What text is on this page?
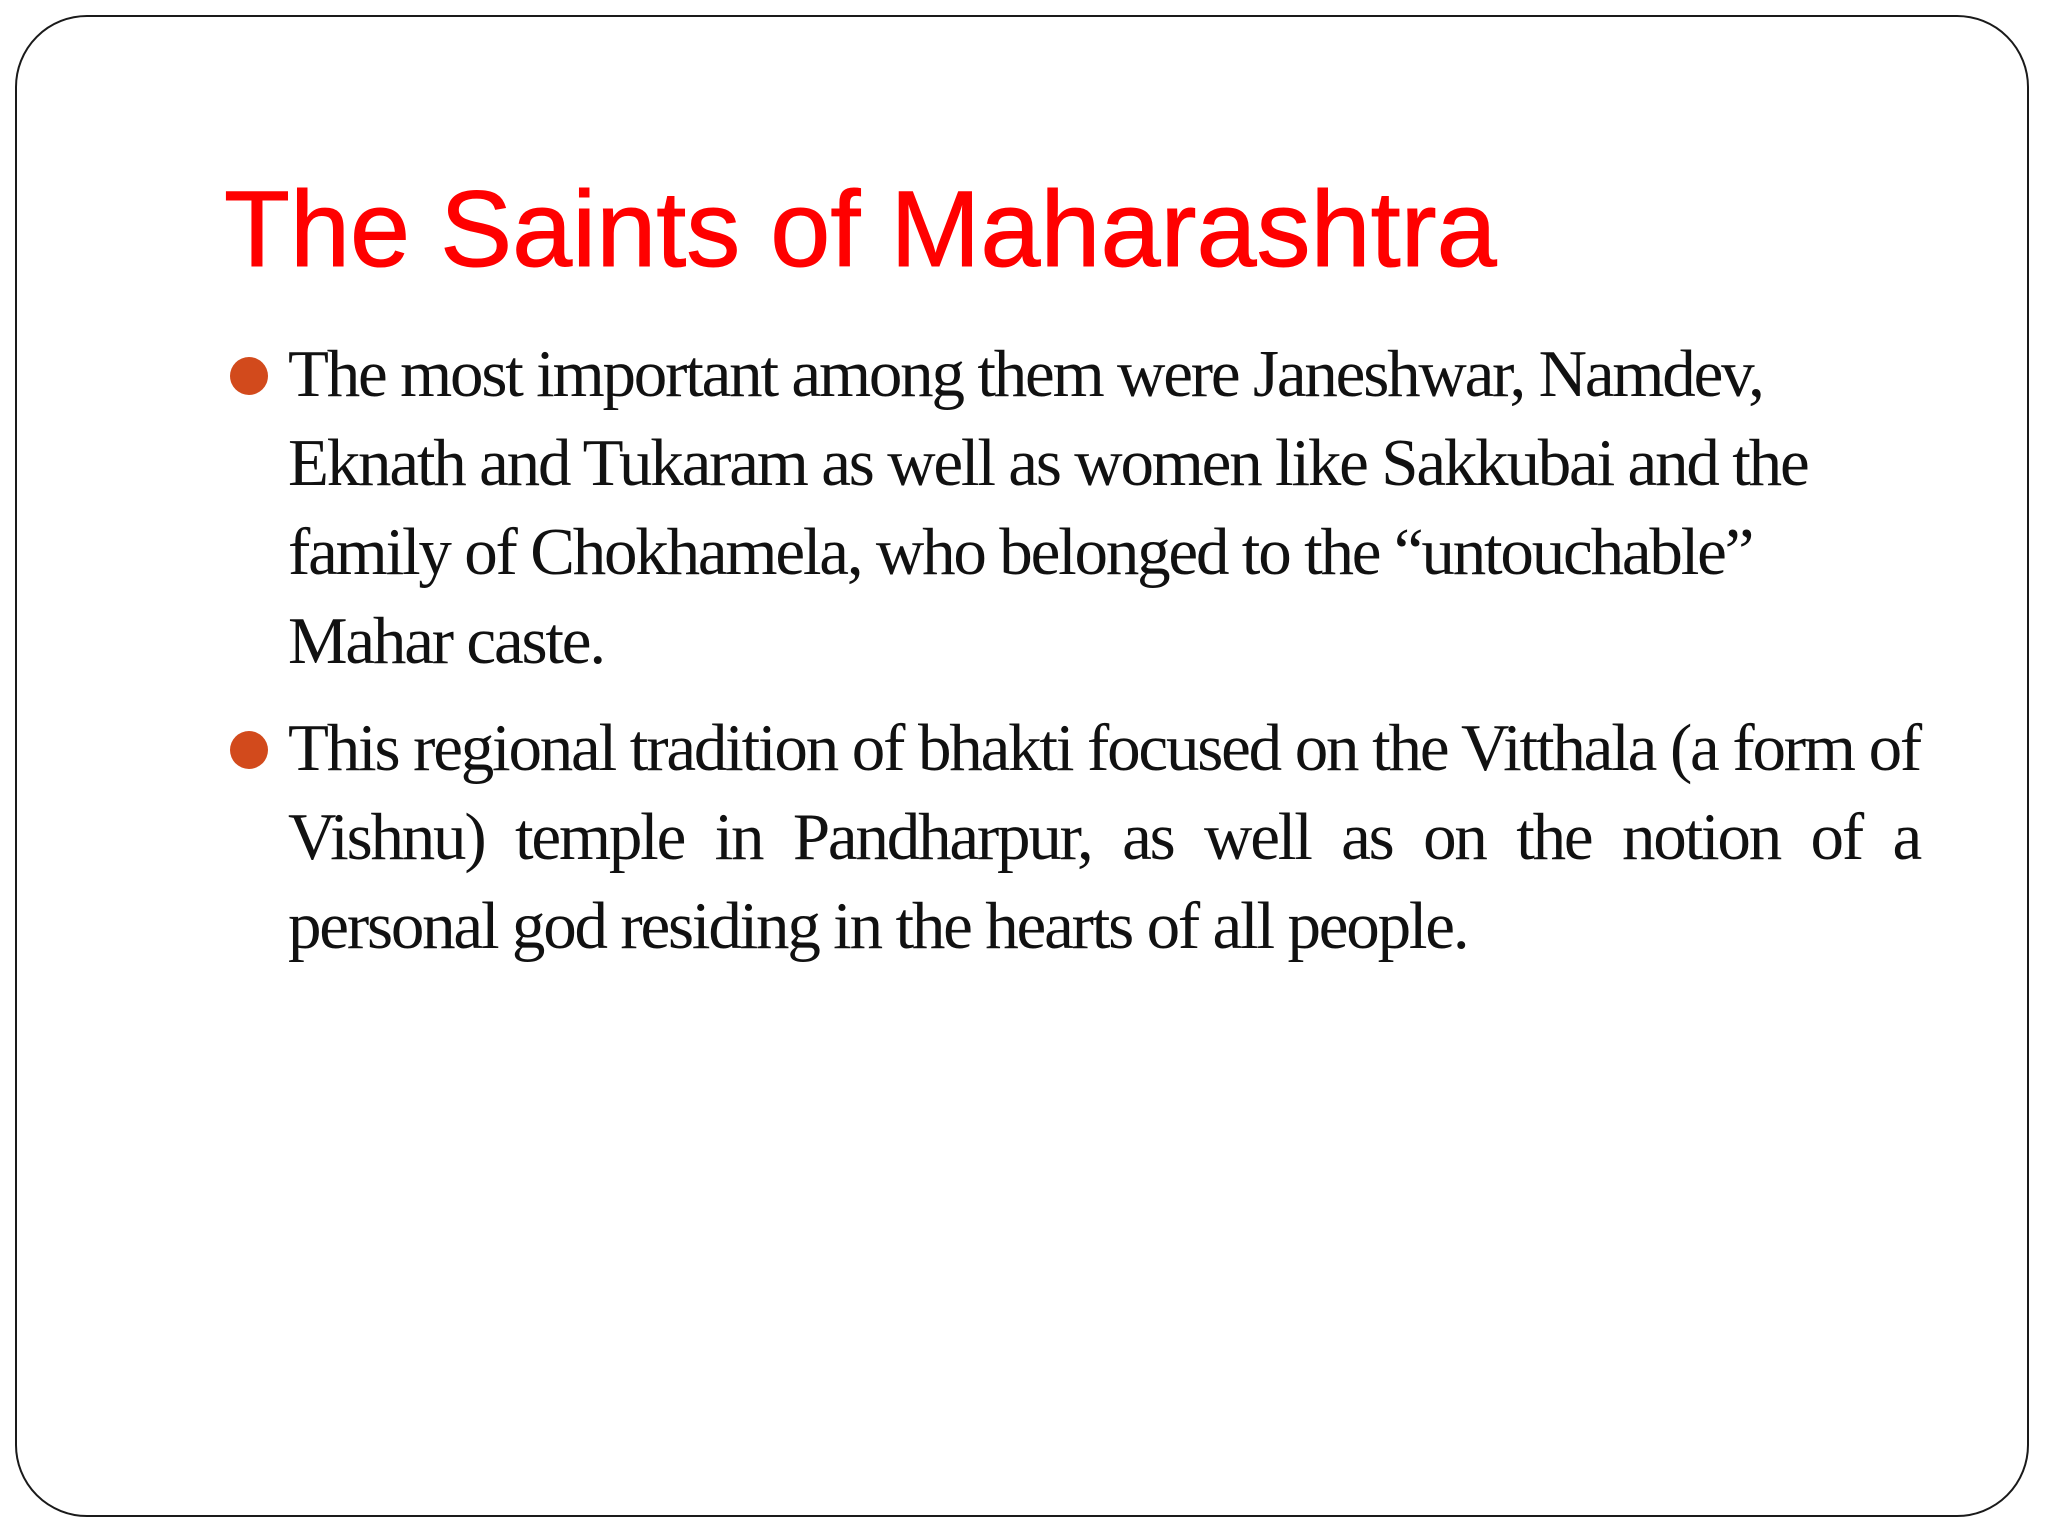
The Saints of Maharashtra
The most important among them were Janeshwar, Namdev, Eknath and Tukaram as well as women like Sakkubai and the family of Chokhamela, who belonged to the “untouchable” Mahar caste.
This regional tradition of bhakti focused on the Vitthala (a form of Vishnu) temple in Pandharpur, as well as on the notion of a personal god residing in the hearts of all people.
